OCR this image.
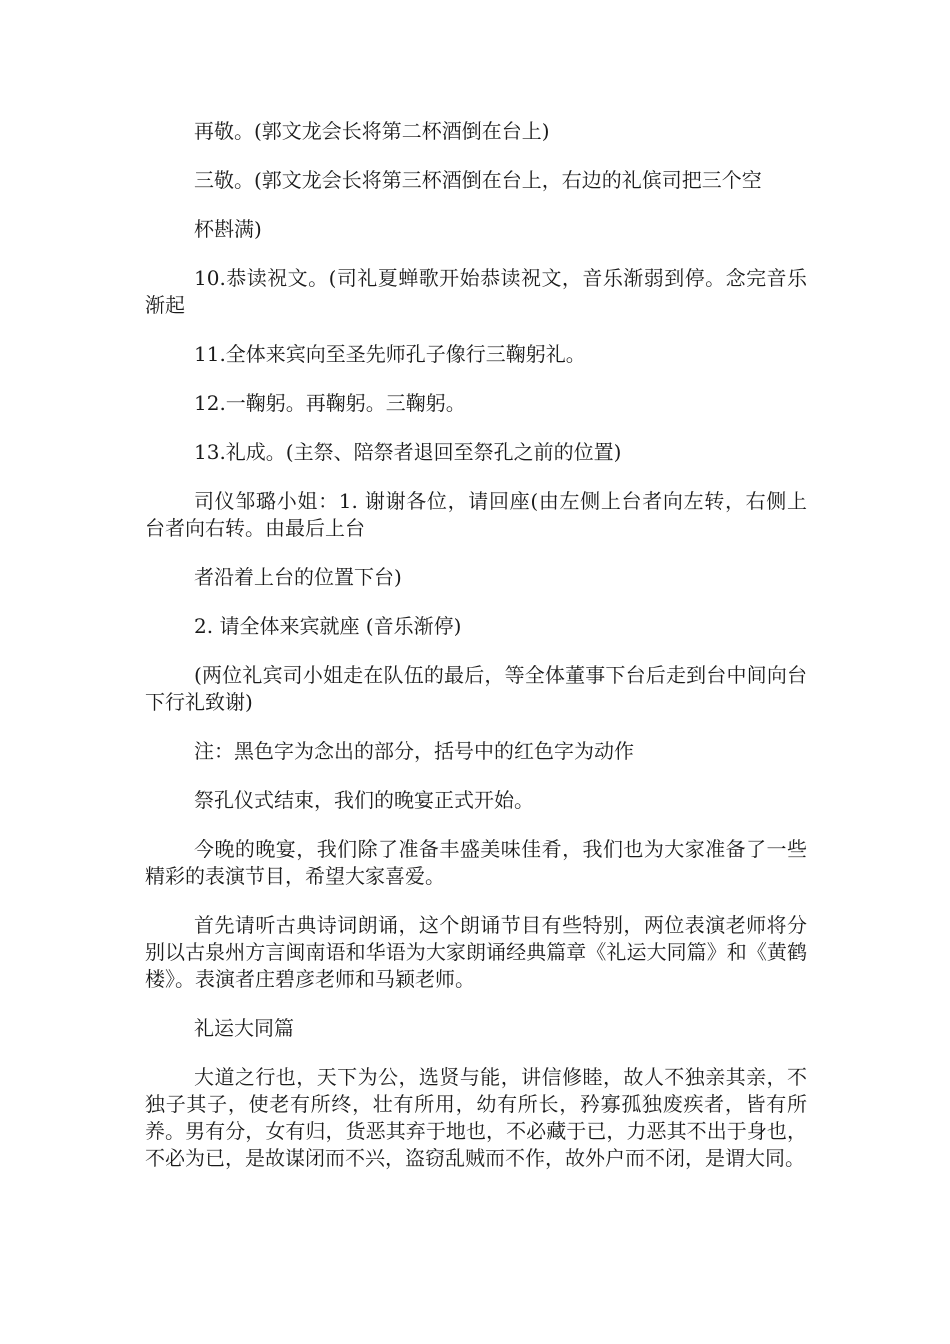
再敬。(郭文龙会长将第二杯酒倒在台上)

三敬。(郭文龙会长将第三杯酒倒在台上，右边的礼傧司把三个空

杯斟满)

10.恭读祝文。(司礼夏蝉歌开始恭读祝文，音乐渐弱到停。念完音乐渐起

11.全体来宾向至圣先师孔子像行三鞠躬礼。

12.一鞠躬。再鞠躬。三鞠躬。

13.礼成。(主祭、陪祭者退回至祭孔之前的位置)

司仪邹璐小姐：1. 谢谢各位，请回座(由左侧上台者向左转，右侧上台者向右转。由最后上台

者沿着上台的位置下台)

2. 请全体来宾就座 (音乐渐停)

(两位礼宾司小姐走在队伍的最后，等全体董事下台后走到台中间向台下行礼致谢)

注：黑色字为念出的部分，括号中的红色字为动作

祭孔仪式结束，我们的晚宴正式开始。

今晚的晚宴，我们除了准备丰盛美味佳肴，我们也为大家准备了一些精彩的表演节目，希望大家喜爱。

首先请听古典诗词朗诵，这个朗诵节目有些特别，两位表演老师将分别以古泉州方言闽南语和华语为大家朗诵经典篇章《礼运大同篇》和《黄鹤楼》。表演者庄碧彦老师和马颖老师。

礼运大同篇

大道之行也，天下为公，选贤与能，讲信修睦，故人不独亲其亲，不独子其子，使老有所终，壮有所用，幼有所长，矜寡孤独废疾者，皆有所养。男有分，女有归，货恶其弃于地也，不必藏于已，力恶其不出于身也，不必为已，是故谋闭而不兴，盗窃乱贼而不作，故外户而不闭，是谓大同。
